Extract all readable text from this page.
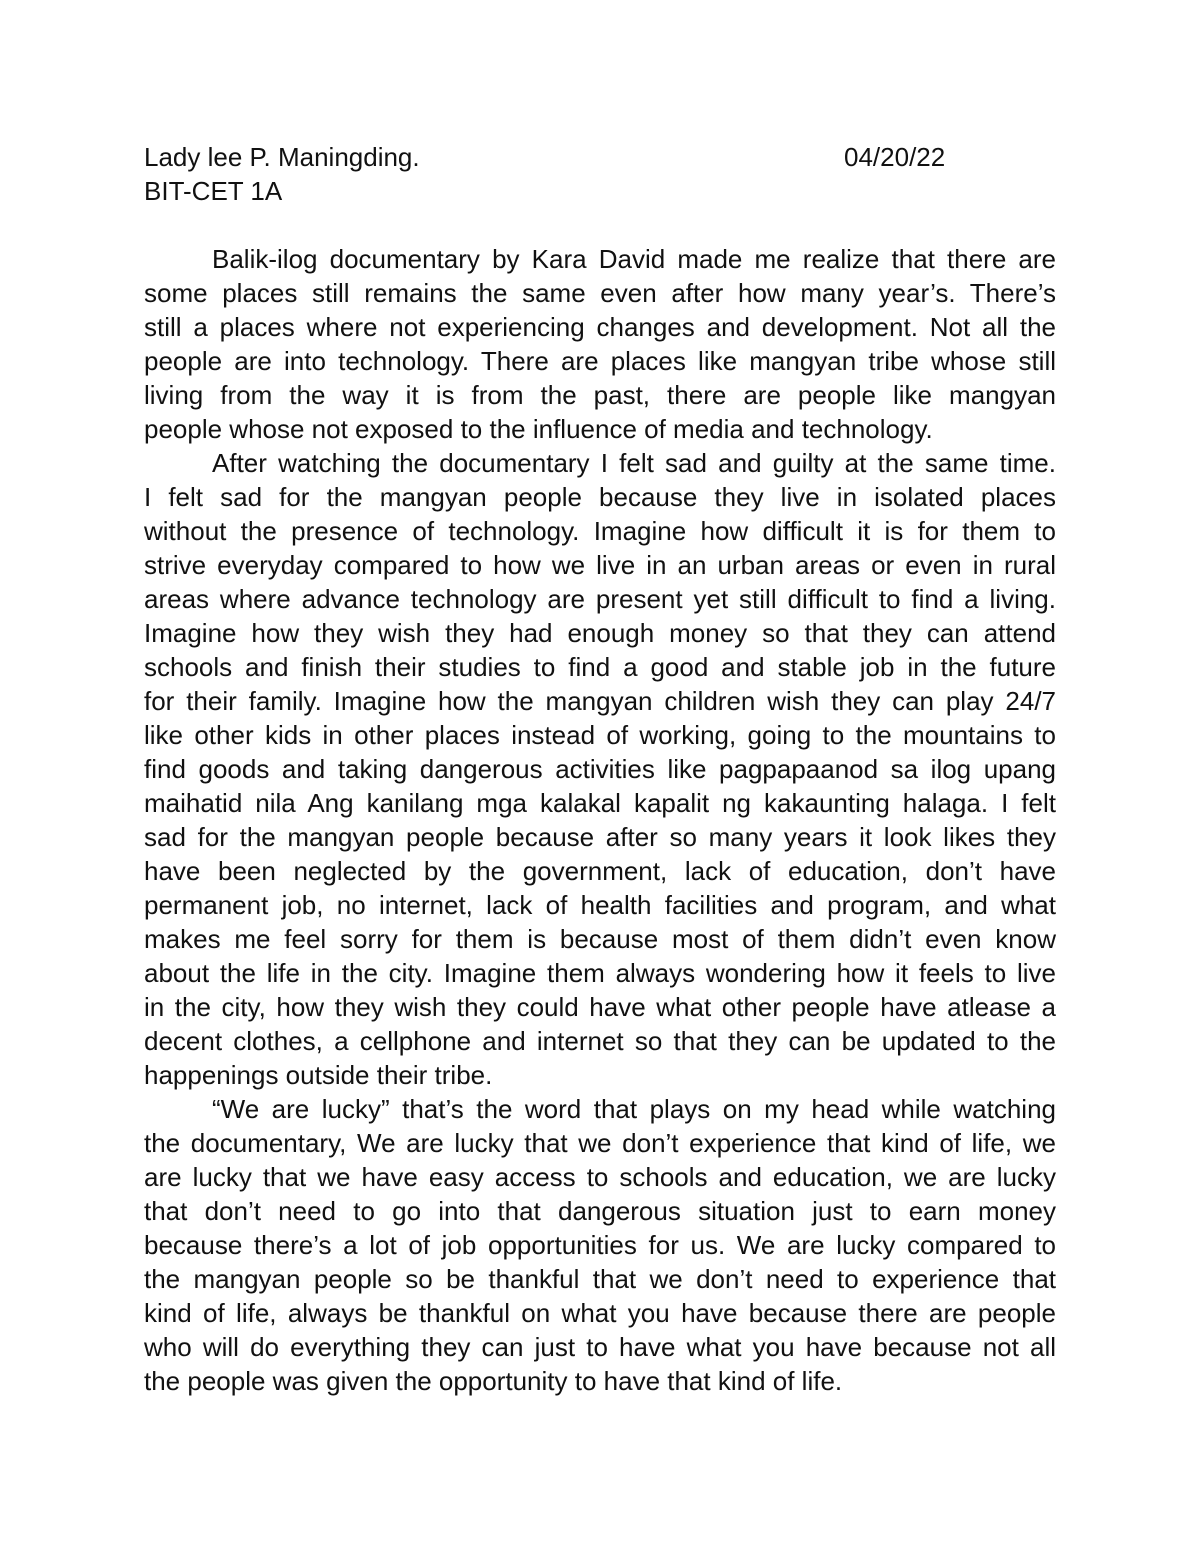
Lady lee P. Maningding.	04/20/22
BIT-CET 1A
Balik-ilog documentary by Kara David made me realize that there are
some places still remains the same even after how many year’s. There’s
still a places where not experiencing changes and development. Not all the
people are into technology. There are places like mangyan tribe whose still
living from the way it is from the past, there are people like mangyan
people whose not exposed to the influence of media and technology.
After watching the documentary I felt sad and guilty at the same time.
I felt sad for the mangyan people because they live in isolated places
without the presence of technology. Imagine how difficult it is for them to
strive everyday compared to how we live in an urban areas or even in rural
areas where advance technology are present yet still difficult to find a living.
Imagine how they wish they had enough money so that they can attend
schools and finish their studies to find a good and stable job in the future
for their family. Imagine how the mangyan children wish they can play 24/7
like other kids in other places instead of working, going to the mountains to
find goods and taking dangerous activities like pagpapaanod sa ilog upang
maihatid nila Ang kanilang mga kalakal kapalit ng kakaunting halaga. I felt
sad for the mangyan people because after so many years it look likes they
have been neglected by the government, lack of education, don’t have
permanent job, no internet, lack of health facilities and program, and what
makes me feel sorry for them is because most of them didn’t even know
about the life in the city. Imagine them always wondering how it feels to live
in the city, how they wish they could have what other people have atlease a
decent clothes, a cellphone and internet so that they can be updated to the
happenings outside their tribe.
“We are lucky” that’s the word that plays on my head while watching
the documentary, We are lucky that we don’t experience that kind of life, we
are lucky that we have easy access to schools and education, we are lucky
that don’t need to go into that dangerous situation just to earn money
because there’s a lot of job opportunities for us. We are lucky compared to
the mangyan people so be thankful that we don’t need to experience that
kind of life, always be thankful on what you have because there are people
who will do everything they can just to have what you have because not all
the people was given the opportunity to have that kind of life.
